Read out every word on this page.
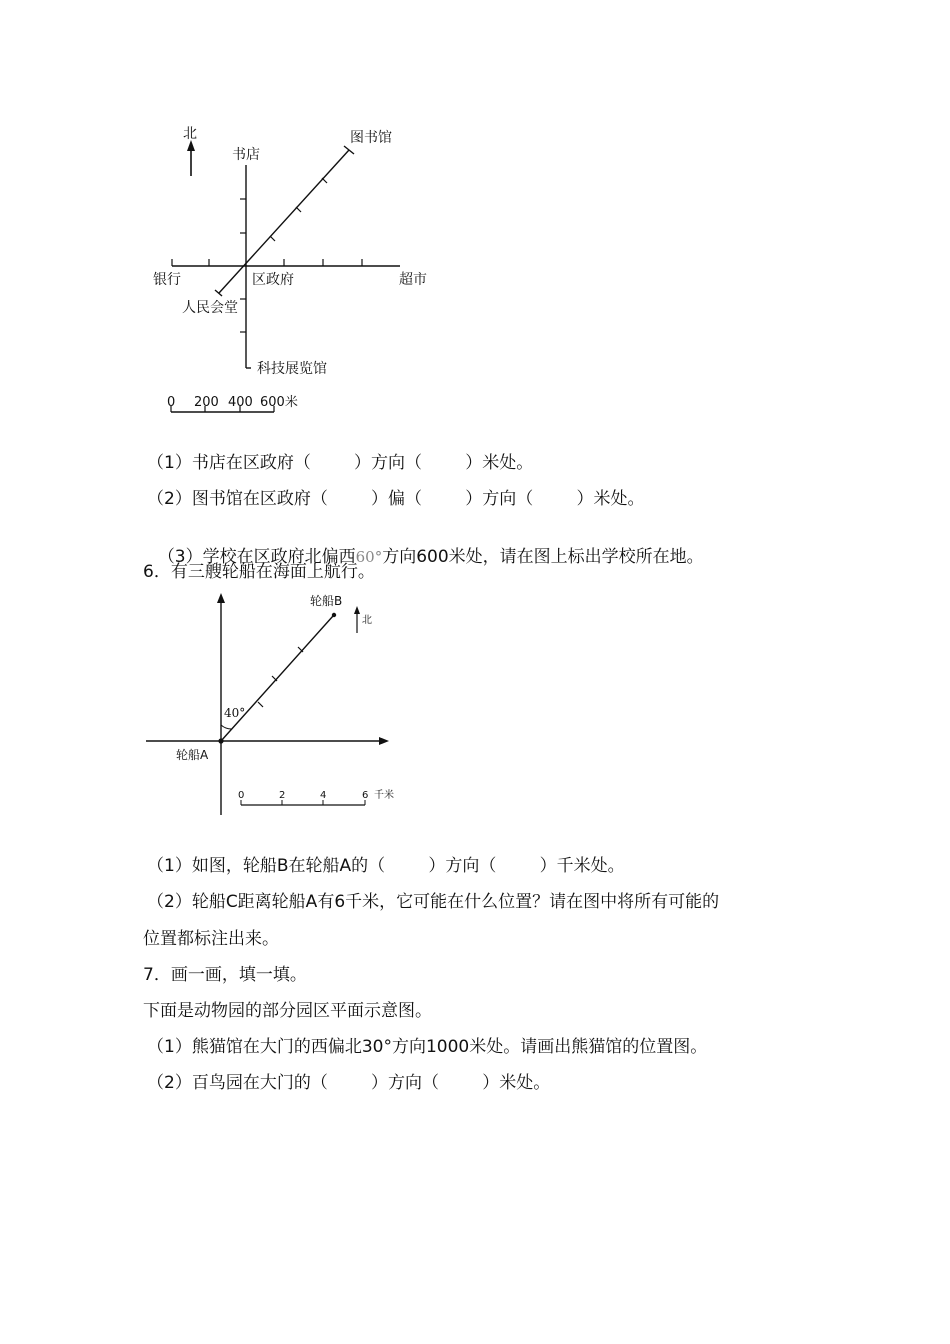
北
书店
图书馆
银行	区政府	超市
人民会堂
科技展览馆
0 200 400 600米
（1）书店在区政府（        ）方向（        ）米处。
（2）图书馆在区政府（        ）偏（        ）方向（        ）米处。

（3）学校在区政府北偏西60°方向600米处，请在图上标出学校所在地。

6．有三艘轮船在海面上航行。
40°
轮船B
轮船A
北
0	2	4	6 千米
（1）如图，轮船B在轮船A的（        ）方向（        ）千米处。
（2）轮船C距离轮船A有6千米，它可能在什么位置？请在图中将所有可能的
位置都标注出来。
7．画一画，填一填。
下面是动物园的部分园区平面示意图。
（1）熊猫馆在大门的西偏北30°方向1000米处。请画出熊猫馆的位置图。
（2）百鸟园在大门的（        ）方向（        ）米处。
